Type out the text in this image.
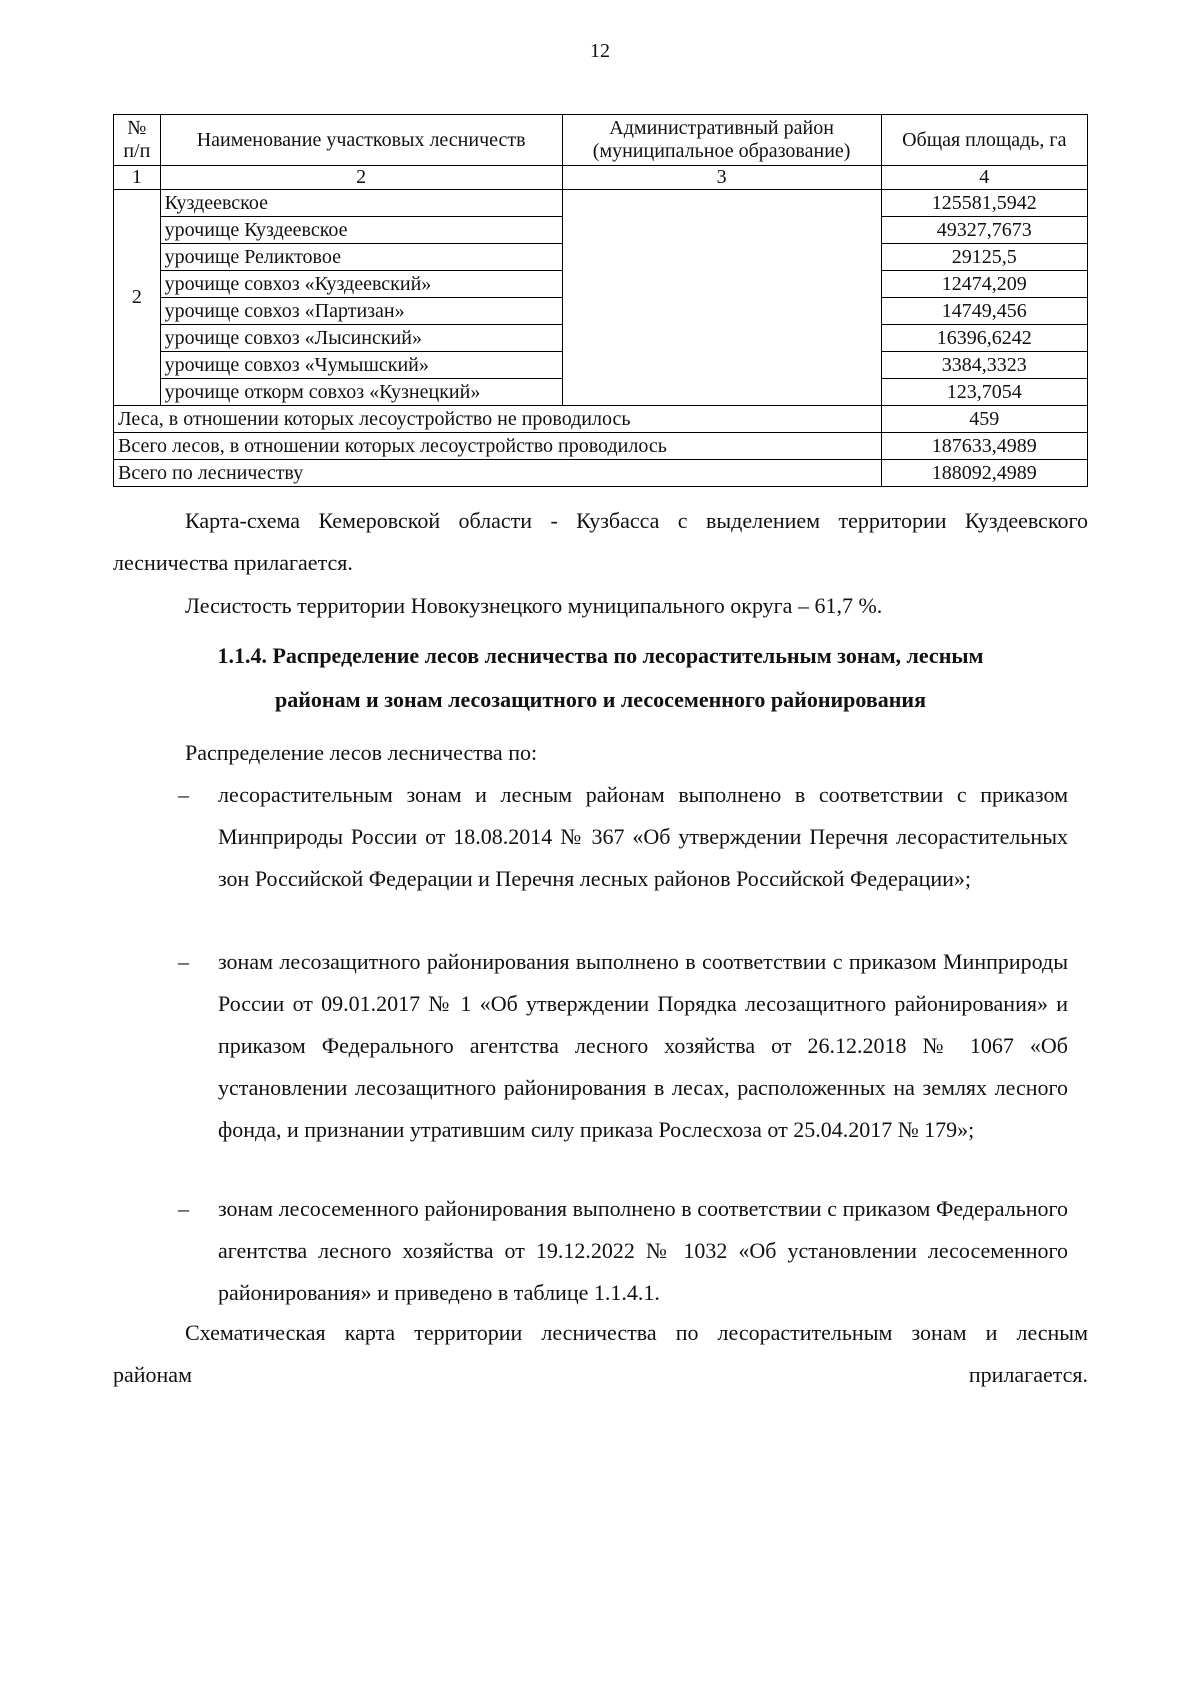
12
№ п/п	Наименование участковых лесничеств	Административный район (муниципальное образование)	Общая площадь, га
1	2	3	4
2	Куздеевское		125581,5942
	урочище Куздеевское		49327,7673
	урочище Реликтовое		29125,5
	урочище совхоз «Куздеевский»		12474,209
	урочище совхоз «Партизан»		14749,456
	урочище совхоз «Лысинский»		16396,6242
	урочище совхоз «Чумышский»		3384,3323
	урочище откорм совхоз «Кузнецкий»		123,7054
Леса, в отношении которых лесоустройство не проводилось			459
Всего лесов, в отношении которых лесоустройство проводилось			187633,4989
Всего по лесничеству			188092,4989

Карта-схема Кемеровской области - Кузбасса с выделением территории Куздеевского лесничества прилагается.

Лесистость территории Новокузнецкого муниципального округа – 61,7 %.

1.1.4. Распределение лесов лесничества по лесорастительным зонам, лесным районам и зонам лесозащитного и лесосеменного районирования

Распределение лесов лесничества по:

– лесорастительным зонам и лесным районам выполнено в соответствии с приказом Минприроды России от 18.08.2014 № 367 «Об утверждении Перечня лесорастительных зон Российской Федерации и Перечня лесных районов Российской Федерации»;
– зонам лесозащитного районирования выполнено в соответствии с приказом Минприроды России от 09.01.2017 № 1 «Об утверждении Порядка лесозащитного районирования» и приказом Федерального агентства лесного хозяйства от 26.12.2018 № 1067 «Об установлении лесозащитного районирования в лесах, расположенных на землях лесного фонда, и признании утратившим силу приказа Рослесхоза от 25.04.2017 № 179»;
– зонам лесосеменного районирования выполнено в соответствии с приказом Федерального агентства лесного хозяйства от 19.12.2022 № 1032 «Об установлении лесосеменного районирования» и приведено в таблице 1.1.4.1.

Схематическая карта территории лесничества по лесорастительным зонам и лесным

районам	прилагается.
